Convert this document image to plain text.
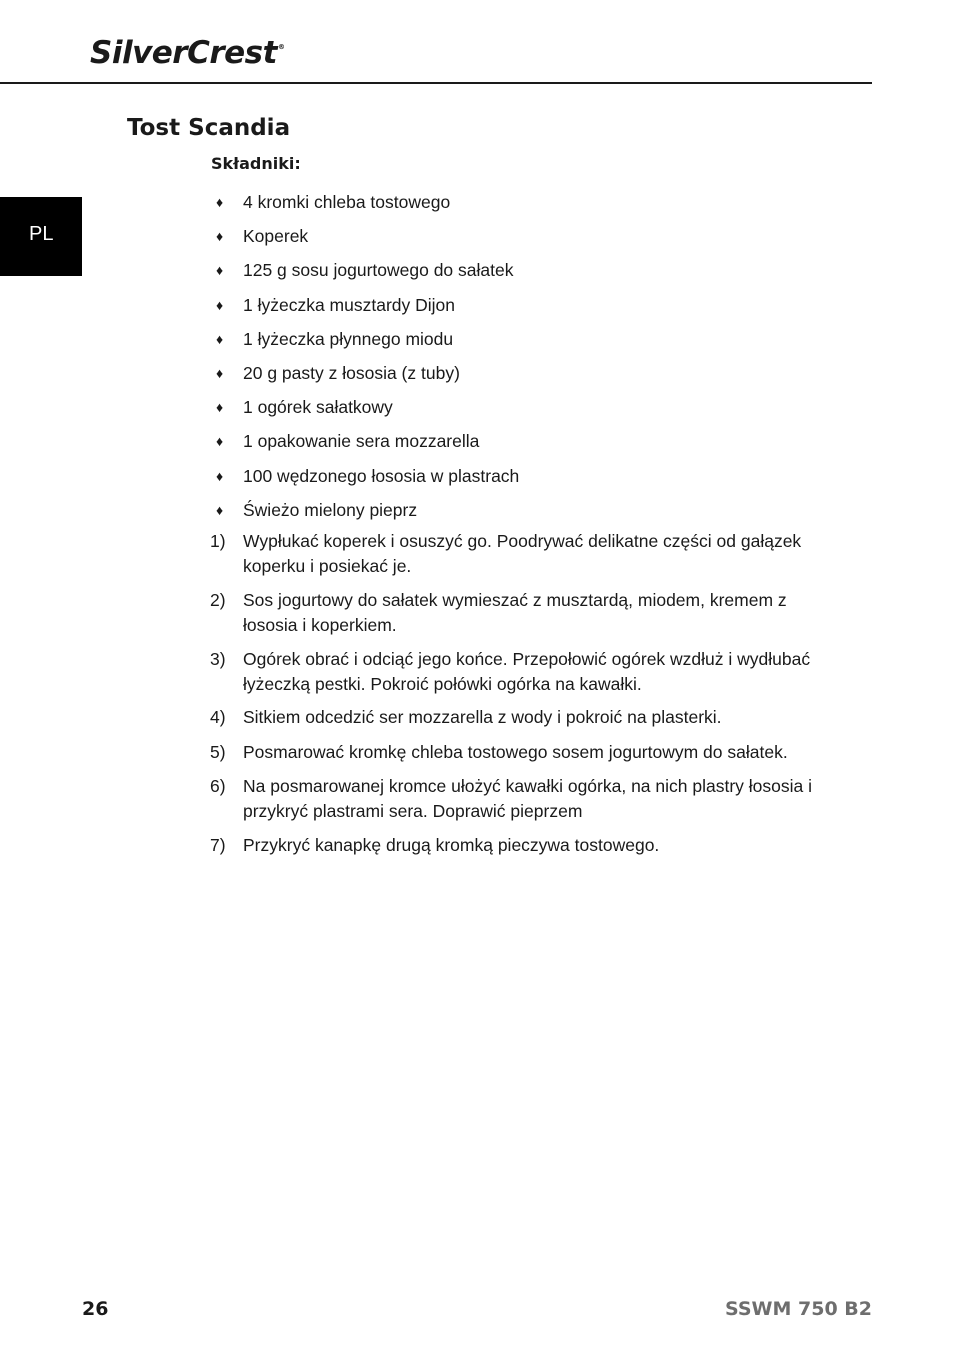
SilverCrest®
PL
Tost Scandia
Składniki:
♦ 4 kromki chleba tostowego
♦ Koperek
♦ 125 g sosu jogurtowego do sałatek
♦ 1 łyżeczka musztardy Dijon
♦ 1 łyżeczka płynnego miodu
♦ 20 g pasty z łososia (z tuby)
♦ 1 ogórek sałatkowy
♦ 1 opakowanie sera mozzarella
♦ 100 wędzonego łososia w plastrach
♦ Świeżo mielony pieprz
1) Wypłukać koperek i osuszyć go. Poodrywać delikatne części od gałązek koperku i posiekać je.
2) Sos jogurtowy do sałatek wymieszać z musztardą, miodem, kremem z łososia i koperkiem.
3) Ogórek obrać i odciąć jego końce. Przepołowić ogórek wzdłuż i wydłubać łyżeczką pestki. Pokroić połówki ogórka na kawałki.
4) Sitkiem odcedzić ser mozzarella z wody i pokroić na plasterki.
5) Posmarować kromkę chleba tostowego sosem jogurtowym do sałatek.
6) Na posmarowanej kromce ułożyć kawałki ogórka, na nich plastry łososia i przykryć plastrami sera. Doprawić pieprzem
7) Przykryć kanapkę drugą kromką pieczywa tostowego.
26	SSWM 750 B2
